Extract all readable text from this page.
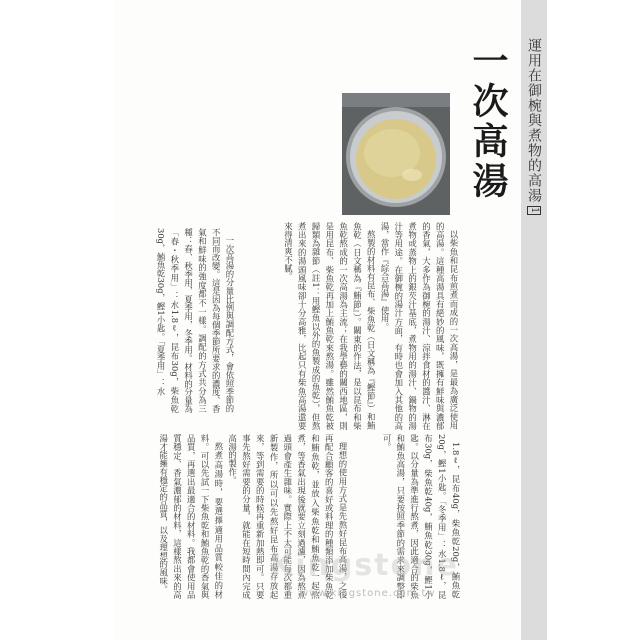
運用在御椀與煮物的高湯1
一次高湯

以柴魚和昆布煎煮而成的一次高湯，是最為廣泛使用的高湯。這種高湯具有絕妙的風味，既擁有鮮味與濃郁的香氣，大多作為御椀的湯汁、涼拌食材的醬汁、淋在煮物或蒸物上的銀芡汁基底，煮物用的湯汁、鍋物的湯汁等用途。在御椀的湯汁方面，有時也會加入其他的高湯，當作『綜合高湯』使用。

熬製的材料有昆布、柴魚乾（日文稱為『鰹節』）和鮪魚乾（日文稱為『鮪節』）。關東的作法，是以昆布和柴魚乾熬成的一次高湯為主流；在我學藝的關西地區，則是用昆布、柴魚乾再加上鮪魚乾來熬湯。雖然鮪魚乾被歸類為雜節（註1：用鰹魚以外的魚製成的魚乾），但熬煮出來的湯頭風味卻十分高雅，比起只有柴魚高湯還要來得清爽不膩。

一次高湯的分量比例與調配方式，會依照季節的不同而改變。這是因為每個季節所要求的濃度、香氣和鮮味的強度都不一樣。調配的方式共分為三種：春、秋季用，夏季用，冬季用。材料的分量為「春・秋季用」：水1.8ℓ，昆布30g，柴魚乾30g，鮪魚乾30g，鰹1小匙。「夏季用」：水

1.8ℓ，昆布40g，柴魚乾20g，鮪魚乾20g，鰹1小匙。「冬季用」：水1.8ℓ，昆布30g，柴魚乾40g，鮪魚乾30g，鰹1小匙。以分量為準進行熬煮，因此適合的柴魚和鮪魚高湯，只要按照季節的需求來調整即可。

理想的使用方式是先熬好昆布高湯，之後再配合顧客的喜好或料理的種類添加柴魚乾和鮪魚乾，並放入柴魚乾和鮪魚乾一起熬煮，等香氣出現後就要立刻過濾，因為熬煮過頭會產生雜味。實際上不太可能每次都重新製作，所以可以先熬好昆布高湯存放起來，等到需要的時候再重新加熱即可。只要事先熬好需要的分量，就能在短時間內完成高湯的製作。

熬煮高湯時，要選擇適用品質較佳的材料。可以先試一下柴魚乾和鮪魚乾的香氣與品質，再選出最適合的材料。我都會使用品質穩定、香氣濃郁的材料，這樣熬出來的高湯才能擁有穩定的品質，以及理想的風味。	Kingstone
www.kingstone.com.tw
